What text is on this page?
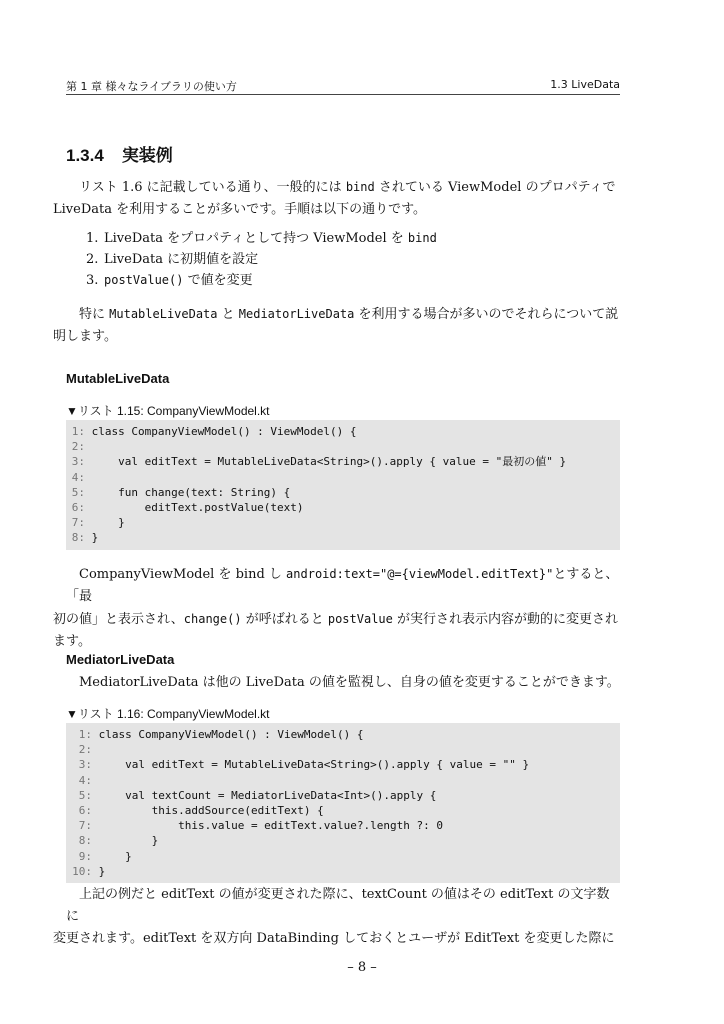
第 1 章 様々なライブラリの使い方	1.3 LiveData
1.3.4 実装例

リスト 1.6 に記載している通り、一般的には bind されている ViewModel のプロパティで
LiveData を利用することが多いです。手順は以下の通りです。

1. LiveData をプロパティとして持つ ViewModel を bind
2. LiveData に初期値を設定
3. postValue() で値を変更

特に MutableLiveData と MediatorLiveData を利用する場合が多いのでそれらについて説
明します。

MutableLiveData

▼リスト 1.15: CompanyViewModel.kt

1: class CompanyViewModel() : ViewModel() {
2:
3:     val editText = MutableLiveData<String>().apply { value = "最初の値" }
4:
5:     fun change(text: String) {
6:         editText.postValue(text)
7:     }
8: }

CompanyViewModel を bind し android:text="@={viewModel.editText}"とすると、「最
初の値」と表示され、change() が呼ばれると postValue が実行され表示内容が動的に変更され
ます。

MediatorLiveData

MediatorLiveData は他の LiveData の値を監視し、自身の値を変更することができます。

▼リスト 1.16: CompanyViewModel.kt

1: class CompanyViewModel() : ViewModel() {
2:
3:     val editText = MutableLiveData<String>().apply { value = "" }
4:
5:     val textCount = MediatorLiveData<Int>().apply {
6:         this.addSource(editText) {
7:             this.value = editText.value?.length ?: 0
8:         }
9:     }
10: }

上記の例だと editText の値が変更された際に、textCount の値はその editText の文字数に
変更されます。editText を双方向 DataBinding しておくとユーザが EditText を変更した際に

– 8 –
